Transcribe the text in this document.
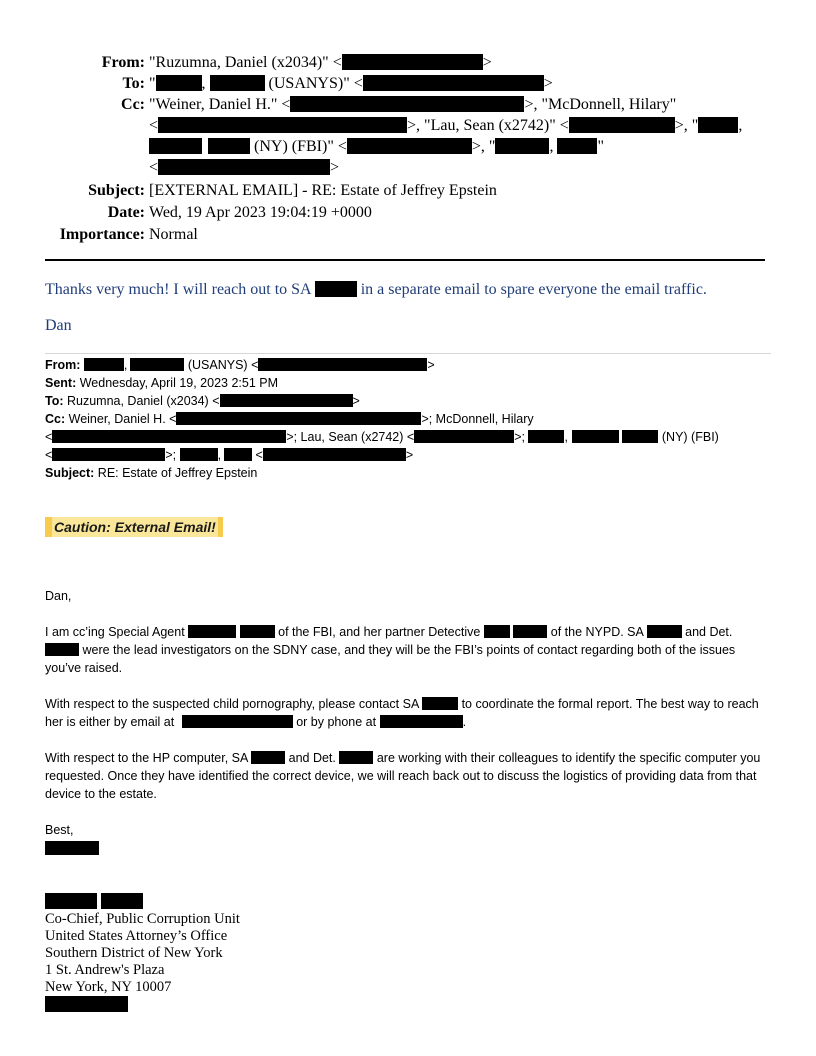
From: "Ruzumna, Daniel (x2034)" <	>
To: "	,	(USANYS)" <	>
Cc: "Weiner, Daniel H." <	>, "McDonnell, Hilary"
<	>, "Lau, Sean (x2742)" <	>, "	,
(NY) (FBI)" <	>, "	,	"
<	>
Subject: [EXTERNAL EMAIL] - RE: Estate of Jeffrey Epstein
Date: Wed, 19 Apr 2023 19:04:19 +0000
Importance: Normal
Thanks very much! I will reach out to SA	in a separate email to spare everyone the email traffic.
Dan
From:	,	(USANYS) <	>
Sent: Wednesday, April 19, 2023 2:51 PM
To: Ruzumna, Daniel (x2034) <	>
Cc: Weiner, Daniel H. <	>; McDonnell, Hilary
<	>; Lau, Sean (x2742) <	>;	,	(NY) (FBI)
<	>;	, <	>
Subject: RE: Estate of Jeffrey Epstein
Caution: External Email!
Dan,

I am cc’ing Special Agent	of the FBI, and her partner Detective	of the NYPD. SA	and Det.
were the lead investigators on the SDNY case, and they will be the FBI’s points of contact regarding both of the issues you’ve raised.

With respect to the suspected child pornography, please contact SA	to coordinate the formal report. The best way to reach her is either by email at	or by phone at	.

With respect to the HP computer, SA	and Det.	are working with their colleagues to identify the specific computer you requested. Once they have identified the correct device, we will reach back out to discuss the logistics of providing data from that device to the estate.

Best,
Co-Chief, Public Corruption Unit
United States Attorney’s Office
Southern District of New York
1 St. Andrew's Plaza
New York, NY 10007
